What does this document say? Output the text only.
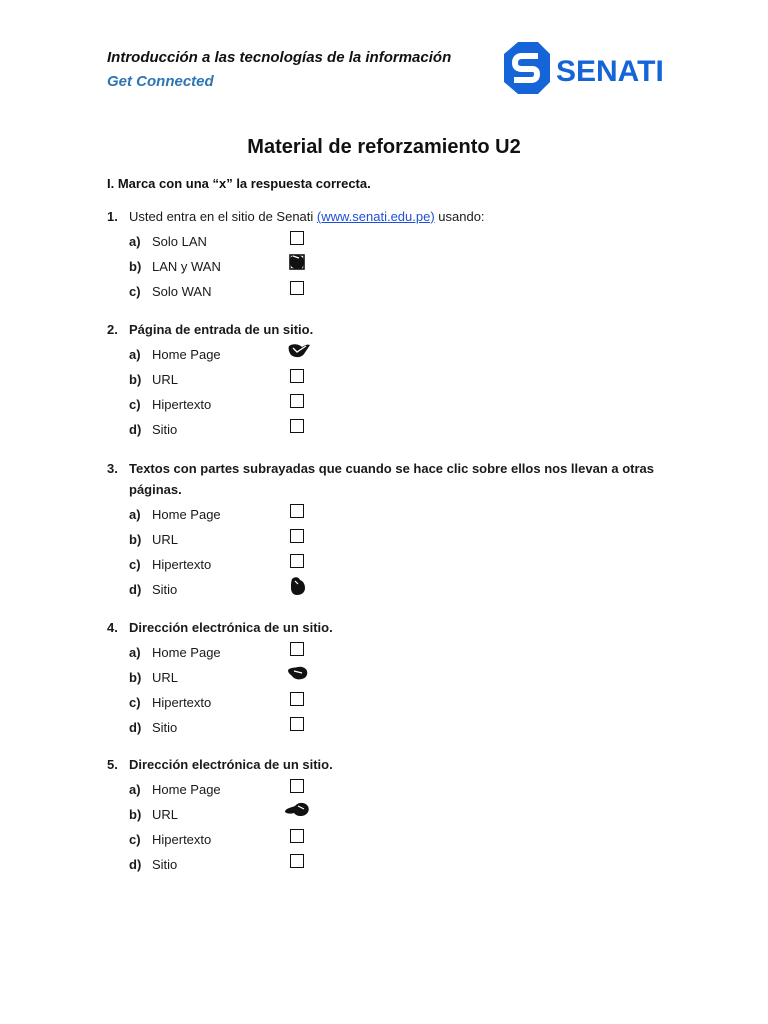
Introducción a las tecnologías de la información
Get Connected	SENATI
Material de reforzamiento U2
I. Marca con una “x” la respuesta correcta.
1. Usted entra en el sitio de Senati (www.senati.edu.pe) usando:
a) Solo LAN
b) LAN y WAN
c) Solo WAN
2. Página de entrada de un sitio.
a) Home Page
b) URL
c) Hipertexto
d) Sitio
3. Textos con partes subrayadas que cuando se hace clic sobre ellos nos llevan a otras
páginas.
a) Home Page
b) URL
c) Hipertexto
d) Sitio
4. Dirección electrónica de un sitio.
a) Home Page
b) URL
c) Hipertexto
d) Sitio
5. Dirección electrónica de un sitio.
a) Home Page
b) URL
c) Hipertexto
d) Sitio
